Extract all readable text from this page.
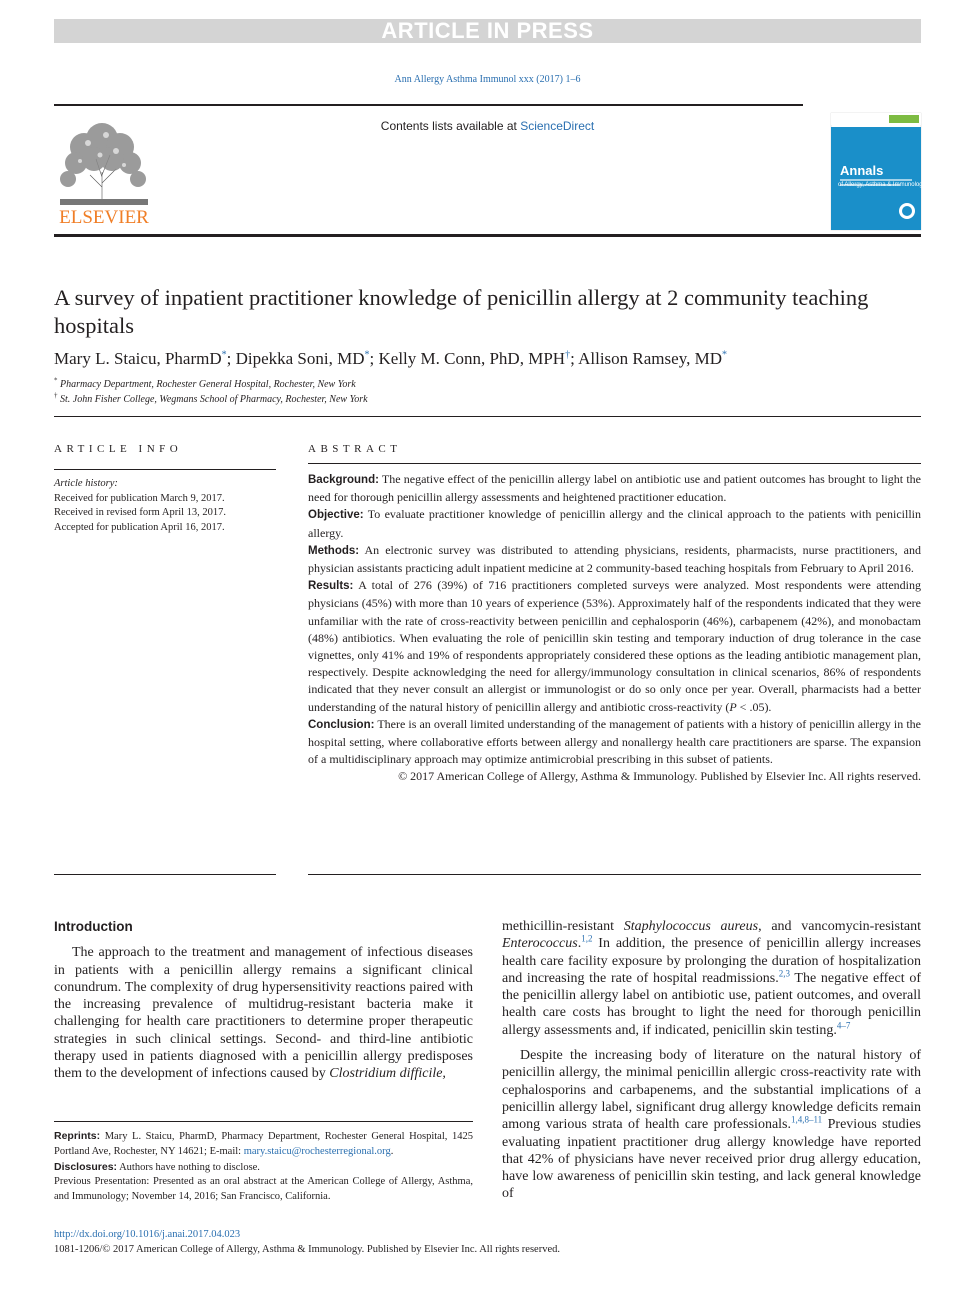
ARTICLE IN PRESS
Ann Allergy Asthma Immunol xxx (2017) 1–6
Contents lists available at ScienceDirect
ELSEVIER
Annals
of Allergy, Asthma & Immunology
A survey of inpatient practitioner knowledge of penicillin allergy at 2 community teaching hospitals
Mary L. Staicu, PharmD*; Dipekka Soni, MD*; Kelly M. Conn, PhD, MPH†; Allison Ramsey, MD*
* Pharmacy Department, Rochester General Hospital, Rochester, New York
† St. John Fisher College, Wegmans School of Pharmacy, Rochester, New York
ARTICLE INFO
Article history:
Received for publication March 9, 2017.
Received in revised form April 13, 2017.
Accepted for publication April 16, 2017.
ABSTRACT

Background: The negative effect of the penicillin allergy label on antibiotic use and patient outcomes has brought to light the need for thorough penicillin allergy assessments and heightened practitioner education.

Objective: To evaluate practitioner knowledge of penicillin allergy and the clinical approach to the patients with penicillin allergy.

Methods: An electronic survey was distributed to attending physicians, residents, pharmacists, nurse practitioners, and physician assistants practicing adult inpatient medicine at 2 community-based teaching hospitals from February to April 2016.

Results: A total of 276 (39%) of 716 practitioners completed surveys were analyzed. Most respondents were attending physicians (45%) with more than 10 years of experience (53%). Approximately half of the respondents indicated that they were unfamiliar with the rate of cross-reactivity between penicillin and cephalosporin (46%), carbapenem (42%), and monobactam (48%) antibiotics. When evaluating the role of penicillin skin testing and temporary induction of drug tolerance in the case vignettes, only 41% and 19% of respondents appropriately considered these options as the leading antibiotic management plan, respectively. Despite acknowledging the need for allergy/immunology consultation in clinical scenarios, 86% of respondents indicated that they never consult an allergist or immunologist or do so only once per year. Overall, pharmacists had a better understanding of the natural history of penicillin allergy and antibiotic cross-reactivity (P < .05).

Conclusion: There is an overall limited understanding of the management of patients with a history of penicillin allergy in the hospital setting, where collaborative efforts between allergy and nonallergy health care practitioners are sparse. The expansion of a multidisciplinary approach may optimize antimicrobial prescribing in this subset of patients.

© 2017 American College of Allergy, Asthma & Immunology. Published by Elsevier Inc. All rights reserved.

Introduction

The approach to the treatment and management of infectious diseases in patients with a penicillin allergy remains a significant clinical conundrum. The complexity of drug hypersensitivity reactions paired with the increasing prevalence of multidrug-resistant bacteria make it challenging for health care practitioners to determine proper therapeutic strategies in such clinical settings. Second- and third-line antibiotic therapy used in patients diagnosed with a penicillin allergy predisposes them to the development of infections caused by Clostridium difficile,

Reprints: Mary L. Staicu, PharmD, Pharmacy Department, Rochester General Hospital, 1425 Portland Ave, Rochester, NY 14621; E-mail: mary.staicu@rochesterregional.org.

Disclosures: Authors have nothing to disclose.

Previous Presentation: Presented as an oral abstract at the American College of Allergy, Asthma, and Immunology; November 14, 2016; San Francisco, California.

methicillin-resistant Staphylococcus aureus, and vancomycin-resistant Enterococcus.$^{1,2}$ In addition, the presence of penicillin allergy increases health care facility exposure by prolonging the duration of hospitalization and increasing the rate of hospital readmissions.$^{2,3}$ The negative effect of the penicillin allergy label on antibiotic use, patient outcomes, and overall health care costs has brought to light the need for thorough penicillin allergy assessments and, if indicated, penicillin skin testing.$^{4-7}$

Despite the increasing body of literature on the natural history of penicillin allergy, the minimal penicillin allergic cross-reactivity rate with cephalosporins and carbapenems, and the substantial implications of a penicillin allergy label, significant drug allergy knowledge deficits remain among various strata of health care professionals.$^{1,4,8-11}$ Previous studies evaluating inpatient practitioner drug allergy knowledge have reported that 42% of physicians have never received prior drug allergy education, have low awareness of penicillin skin testing, and lack general knowledge of

http://dx.doi.org/10.1016/j.anai.2017.04.023
1081-1206/© 2017 American College of Allergy, Asthma & Immunology. Published by Elsevier Inc. All rights reserved.
